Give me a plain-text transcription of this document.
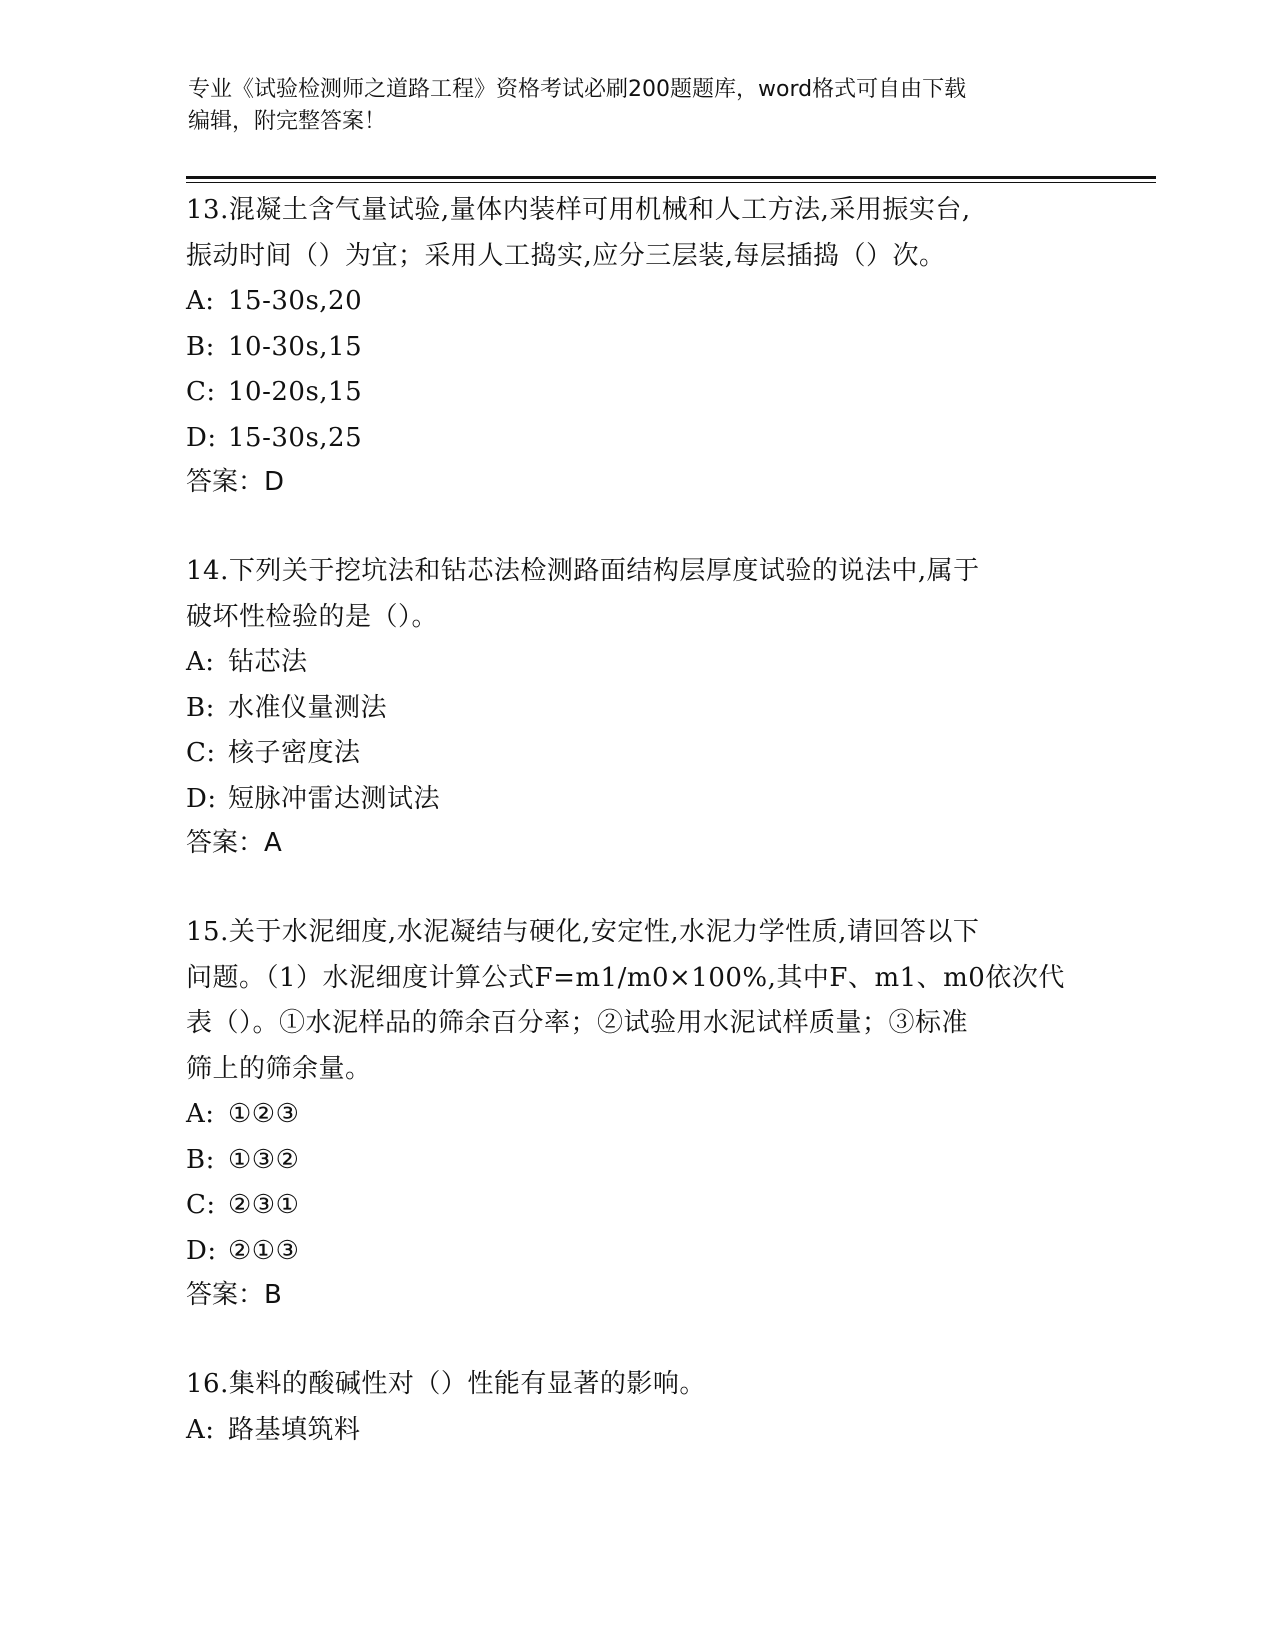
专业《试验检测师之道路工程》资格考试必刷200题题库，word格式可自由下载
编辑，附完整答案！
13.混凝土含气量试验,量体内装样可用机械和人工方法,采用振实台,
振动时间（）为宜；采用人工捣实,应分三层装,每层插捣（）次。
A: 15-30s,20
B: 10-30s,15
C: 10-20s,15
D: 15-30s,25
答案：D
14.下列关于挖坑法和钻芯法检测路面结构层厚度试验的说法中,属于
破坏性检验的是（）。
A: 钻芯法
B: 水准仪量测法
C: 核子密度法
D: 短脉冲雷达测试法
答案：A
15.关于水泥细度,水泥凝结与硬化,安定性,水泥力学性质,请回答以下
问题。（1）水泥细度计算公式F=m1/m0×100%,其中F、m1、m0依次代
表（）。①水泥样品的筛余百分率；②试验用水泥试样质量；③标准
筛上的筛余量。
A: ①②③
B: ①③②
C: ②③①
D: ②①③
答案：B
16.集料的酸碱性对（）性能有显著的影响。
A: 路基填筑料
